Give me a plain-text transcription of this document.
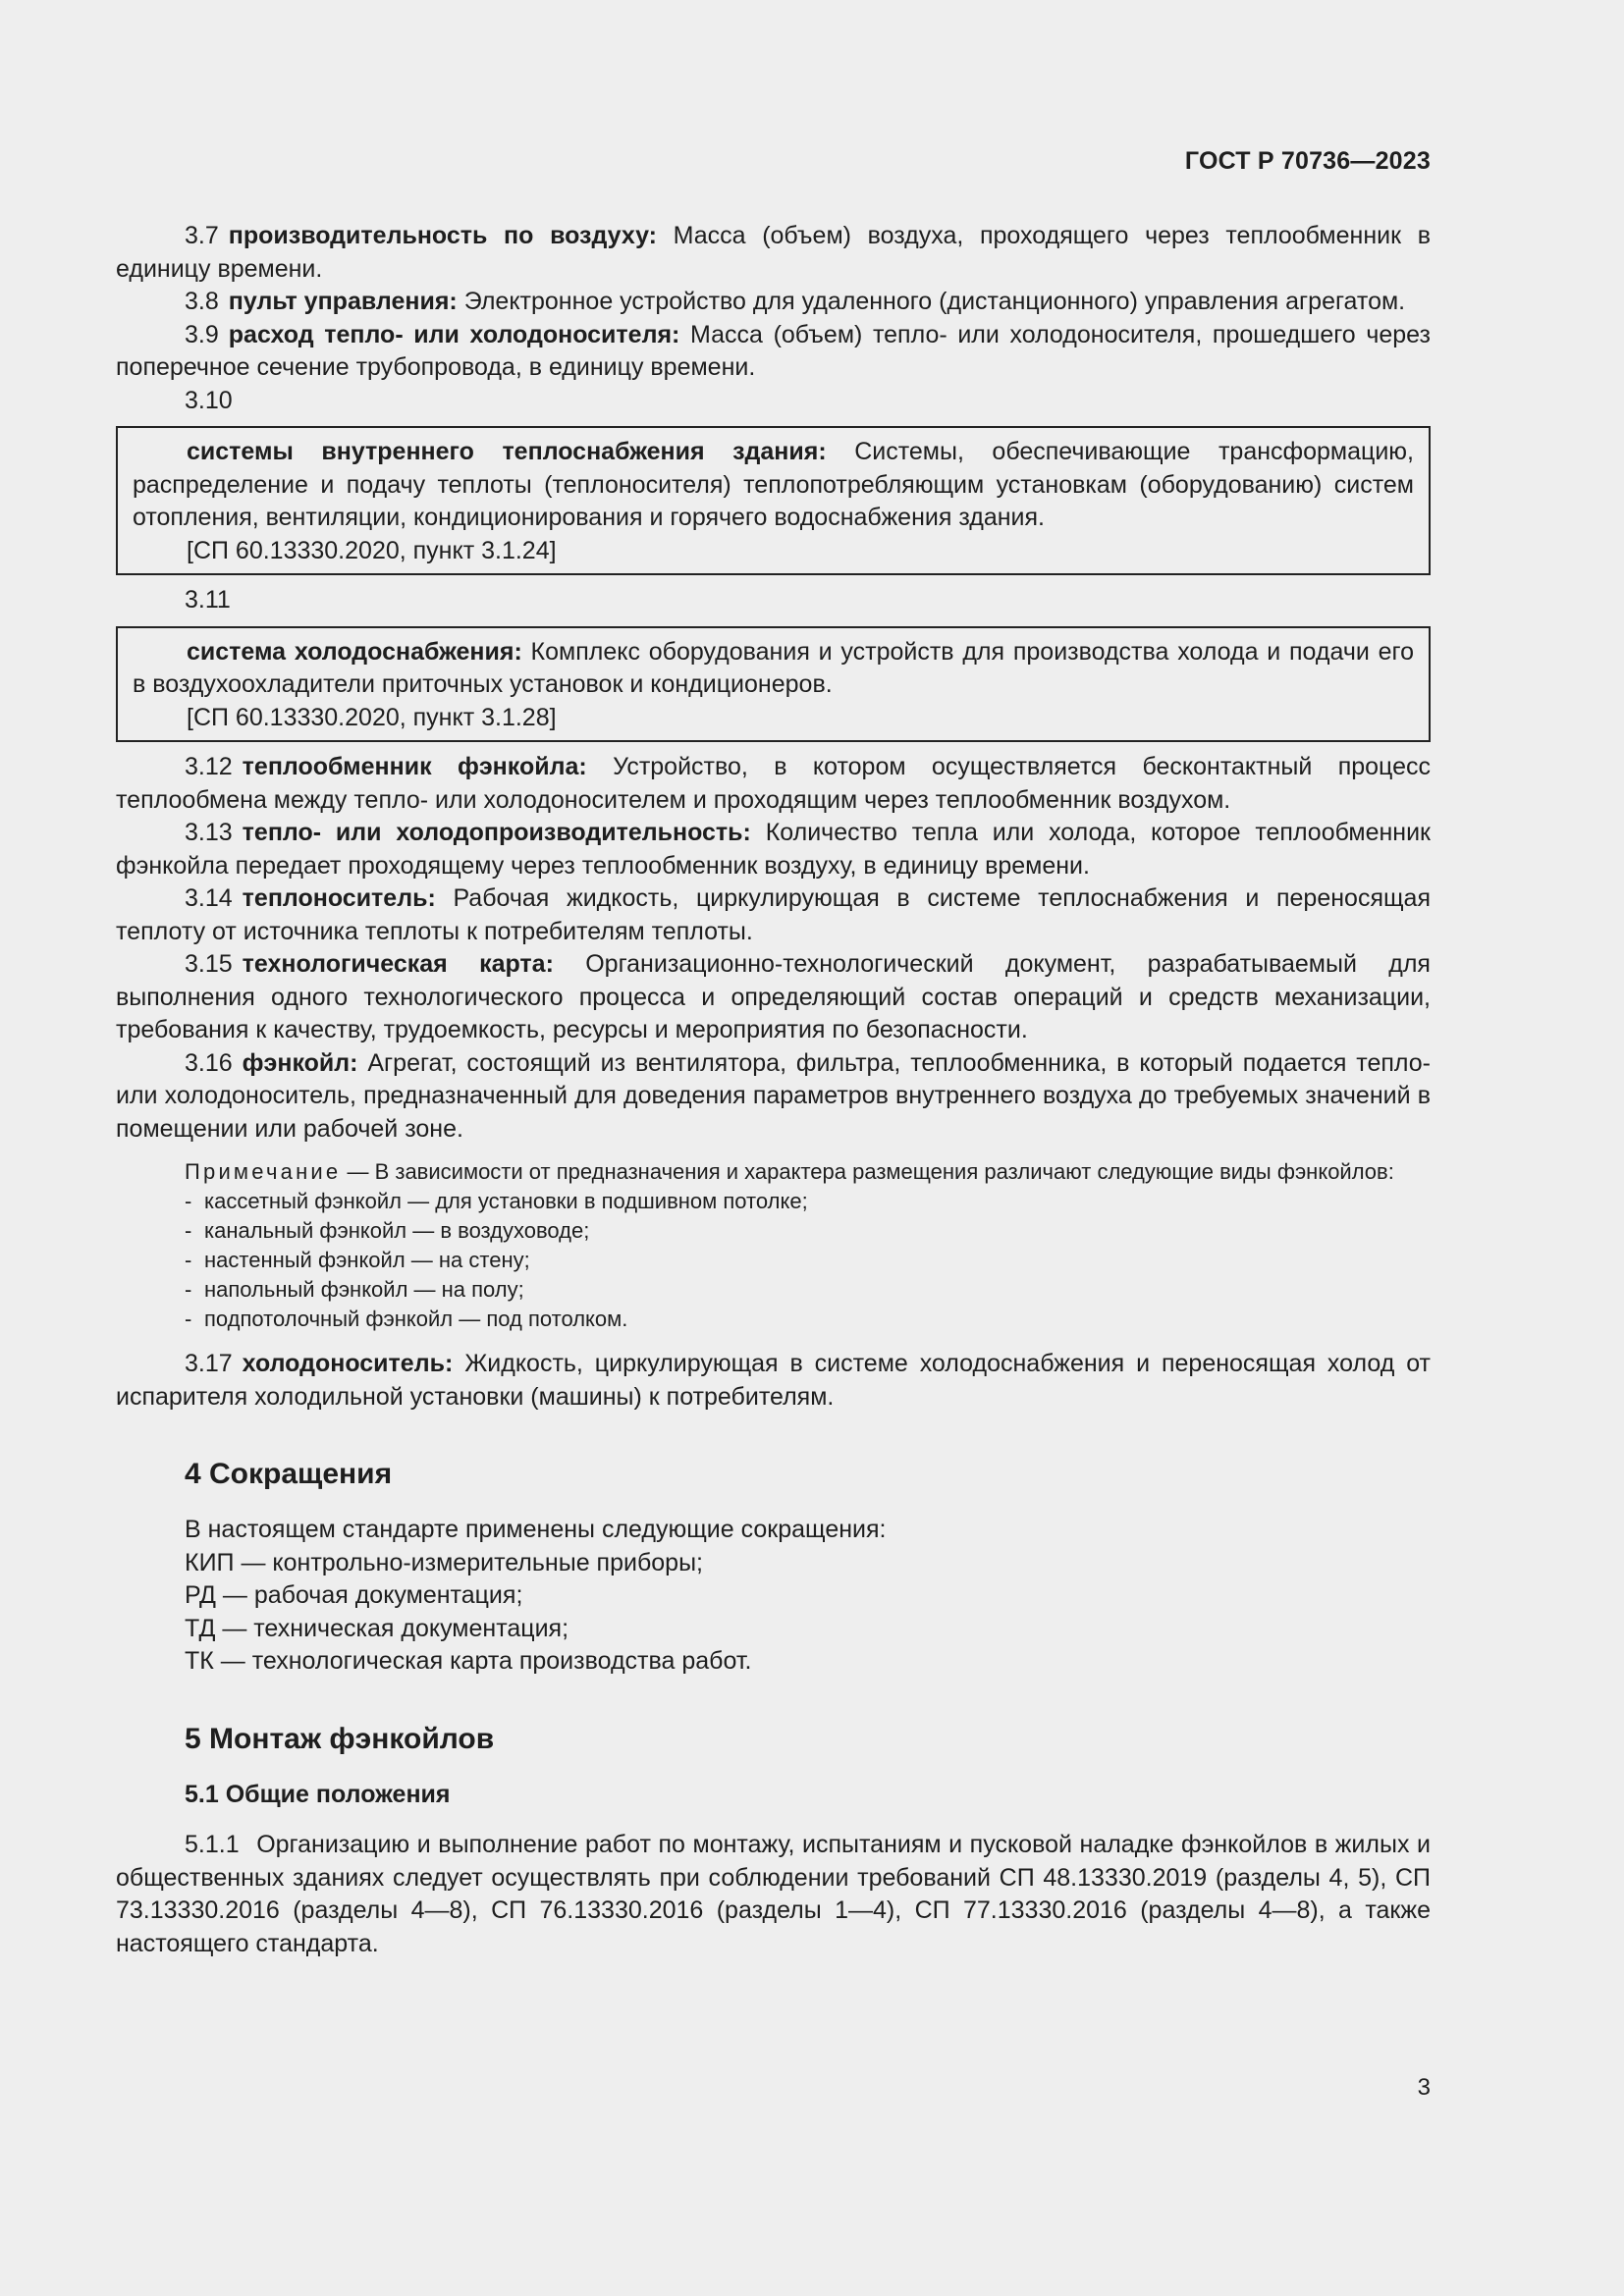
ГОСТ Р 70736—2023

3.7 производительность по воздуху: Масса (объем) воздуха, проходящего через теплообменник в единицу времени.

3.8 пульт управления: Электронное устройство для удаленного (дистанционного) управления агрегатом.

3.9 расход тепло- или холодоносителя: Масса (объем) тепло- или холодоносителя, прошедшего через поперечное сечение трубопровода, в единицу времени.

3.10

системы внутреннего теплоснабжения здания: Системы, обеспечивающие трансформацию, распределение и подачу теплоты (теплоносителя) теплопотребляющим установкам (оборудованию) систем отопления, вентиляции, кондиционирования и горячего водоснабжения здания.

[СП 60.13330.2020, пункт 3.1.24]

3.11

система холодоснабжения: Комплекс оборудования и устройств для производства холода и подачи его в воздухоохладители приточных установок и кондиционеров.

[СП 60.13330.2020, пункт 3.1.28]

3.12 теплообменник фэнкойла: Устройство, в котором осуществляется бесконтактный процесс теплообмена между тепло- или холодоносителем и проходящим через теплообменник воздухом.

3.13 тепло- или холодопроизводительность: Количество тепла или холода, которое теплообменник фэнкойла передает проходящему через теплообменник воздуху, в единицу времени.

3.14 теплоноситель: Рабочая жидкость, циркулирующая в системе теплоснабжения и переносящая теплоту от источника теплоты к потребителям теплоты.

3.15 технологическая карта: Организационно-технологический документ, разрабатываемый для выполнения одного технологического процесса и определяющий состав операций и средств механизации, требования к качеству, трудоемкость, ресурсы и мероприятия по безопасности.

3.16 фэнкойл: Агрегат, состоящий из вентилятора, фильтра, теплообменника, в который подается тепло- или холодоноситель, предназначенный для доведения параметров внутреннего воздуха до требуемых значений в помещении или рабочей зоне.

Примечание — В зависимости от предназначения и характера размещения различают следующие виды фэнкойлов:

- кассетный фэнкойл — для установки в подшивном потолке;
- канальный фэнкойл — в воздуховоде;
- настенный фэнкойл — на стену;
- напольный фэнкойл — на полу;
- подпотолочный фэнкойл — под потолком.

3.17 холодоноситель: Жидкость, циркулирующая в системе холодоснабжения и переносящая холод от испарителя холодильной установки (машины) к потребителям.

4 Сокращения

В настоящем стандарте применены следующие сокращения:

КИП — контрольно-измерительные приборы;

РД — рабочая документация;

ТД — техническая документация;

ТК — технологическая карта производства работ.

5 Монтаж фэнкойлов
5.1 Общие положения

5.1.1 Организацию и выполнение работ по монтажу, испытаниям и пусковой наладке фэнкойлов в жилых и общественных зданиях следует осуществлять при соблюдении требований СП 48.13330.2019 (разделы 4, 5), СП 73.13330.2016 (разделы 4—8), СП 76.13330.2016 (разделы 1—4), СП 77.13330.2016 (разделы 4—8), а также настоящего стандарта.

3
